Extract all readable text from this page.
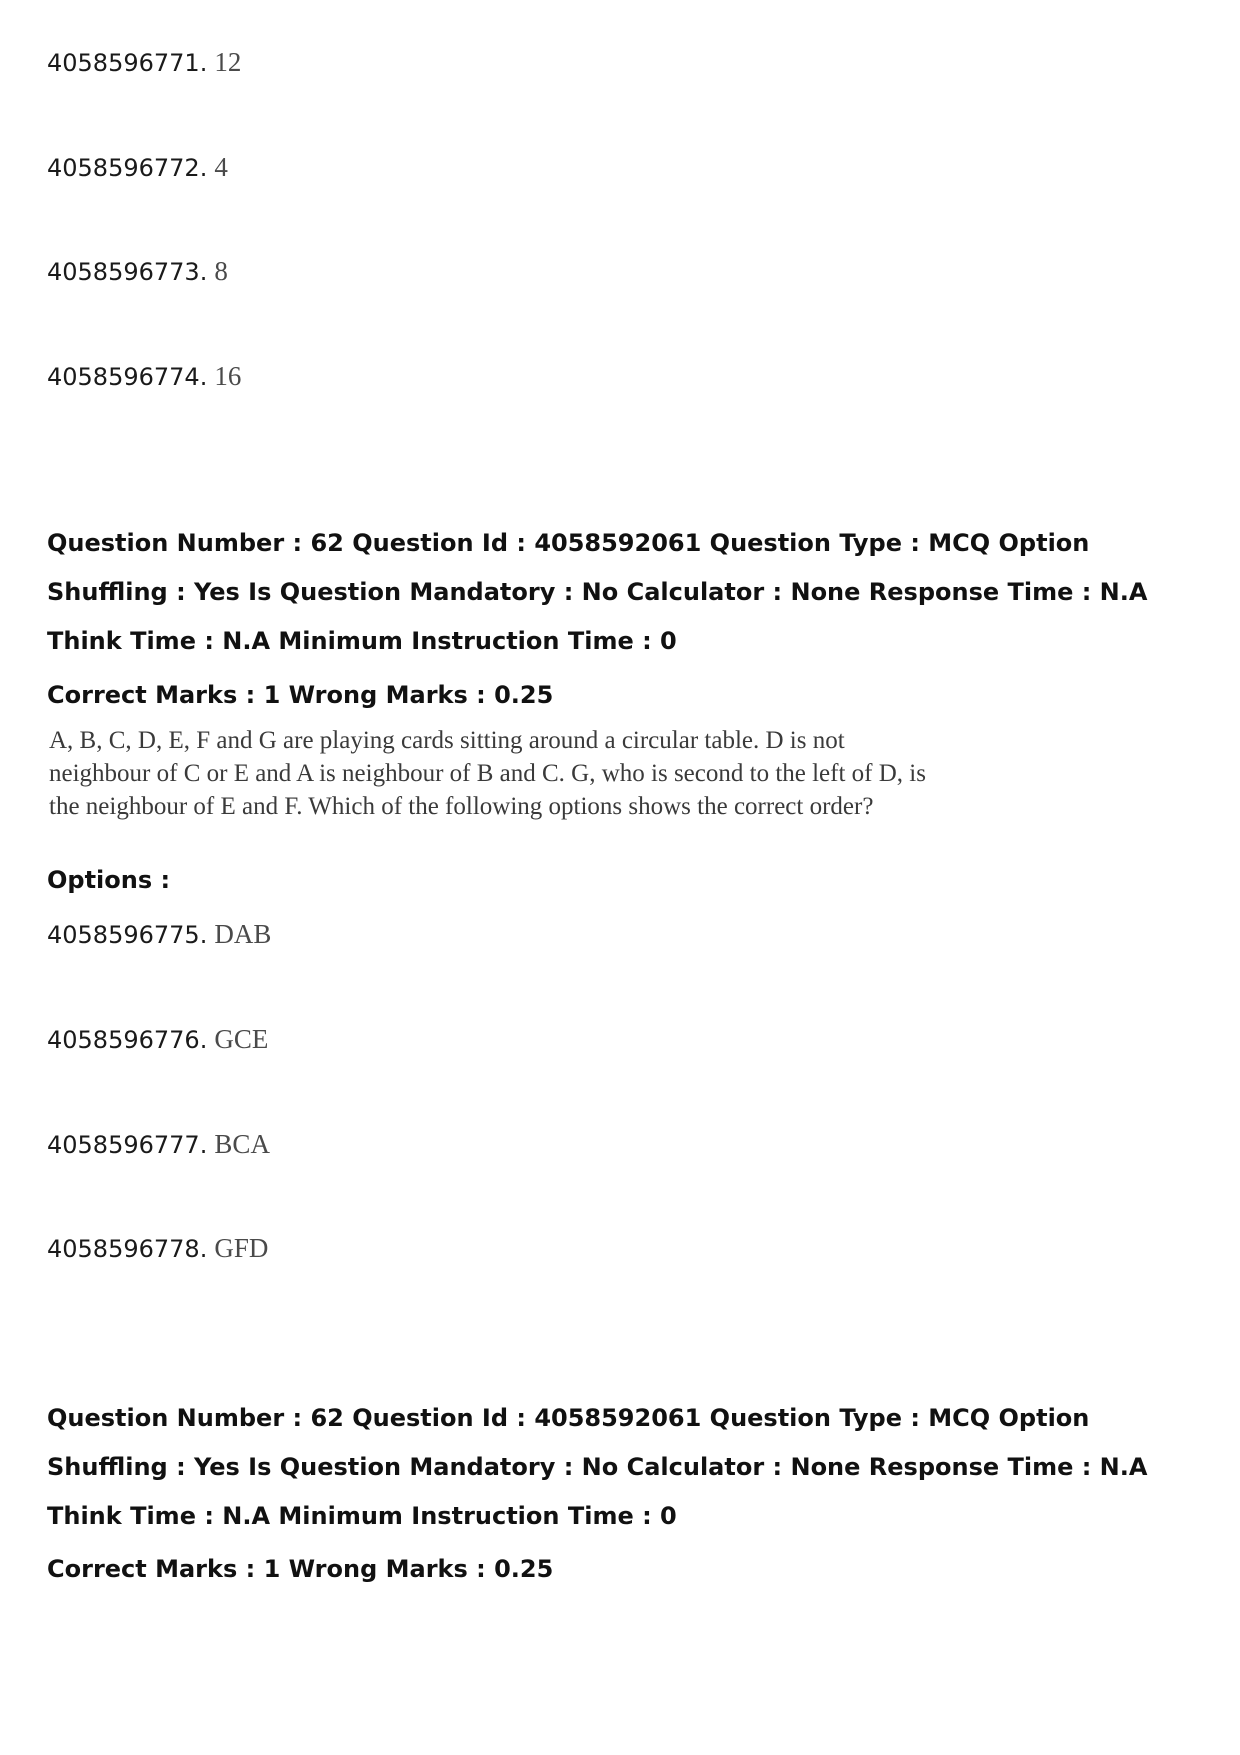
4058596771. 12
4058596772. 4
4058596773. 8
4058596774. 16

Question Number : 62 Question Id : 4058592061 Question Type : MCQ Option Shuffling : Yes Is Question Mandatory : No Calculator : None Response Time : N.A Think Time : N.A Minimum Instruction Time : 0

Correct Marks : 1 Wrong Marks : 0.25

A, B, C, D, E, F and G are playing cards sitting around a circular table. D is not neighbour of C or E and A is neighbour of B and C. G, who is second to the left of D, is the neighbour of E and F. Which of the following options shows the correct order?

Options :
4058596775. DAB
4058596776. GCE
4058596777. BCA
4058596778. GFD

Question Number : 62 Question Id : 4058592061 Question Type : MCQ Option Shuffling : Yes Is Question Mandatory : No Calculator : None Response Time : N.A Think Time : N.A Minimum Instruction Time : 0

Correct Marks : 1 Wrong Marks : 0.25
